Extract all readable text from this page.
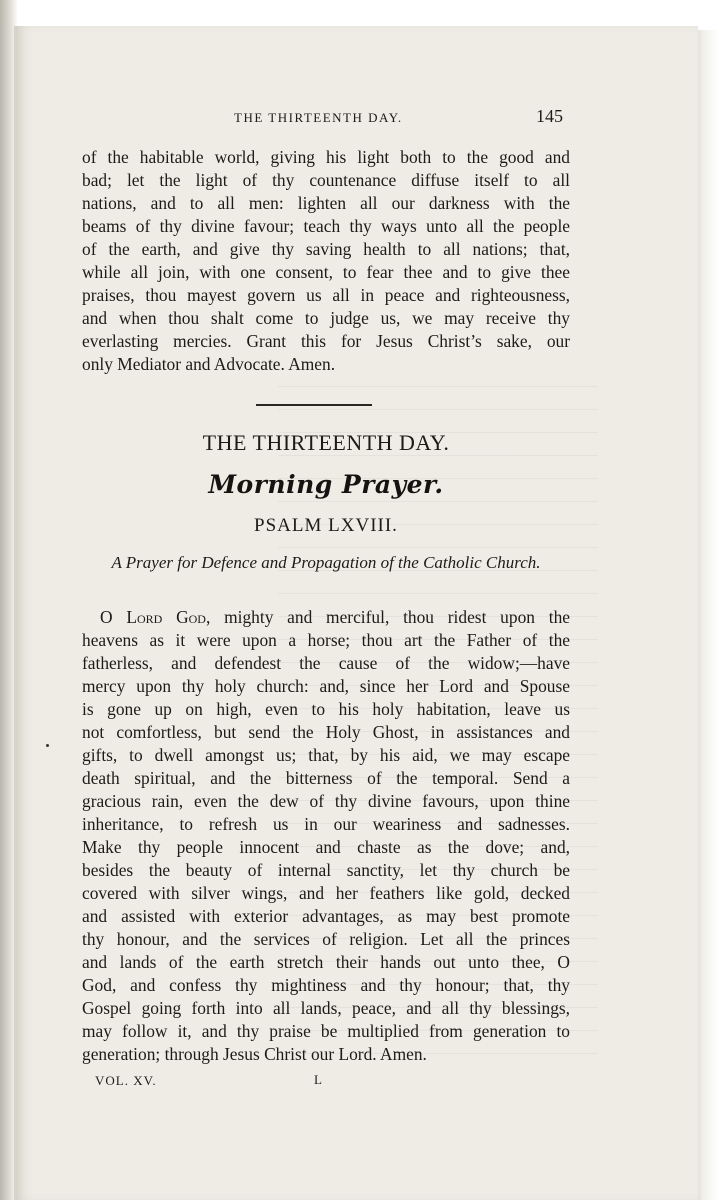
THE THIRTEENTH DAY.	145
of the habitable world, giving his light both to the good and
bad; let the light of thy countenance diffuse itself to all
nations, and to all men: lighten all our darkness with the
beams of thy divine favour; teach thy ways unto all the people
of the earth, and give thy saving health to all nations; that,
while all join, with one consent, to fear thee and to give thee
praises, thou mayest govern us all in peace and righteousness,
and when thou shalt come to judge us, we may receive thy
everlasting mercies. Grant this for Jesus Christ’s sake, our
only Mediator and Advocate. Amen.
THE THIRTEENTH DAY.
Morning Prayer.
PSALM LXVIII.
A Prayer for Defence and Propagation of the Catholic Church.
O Lord God, mighty and merciful, thou ridest upon the
heavens as it were upon a horse; thou art the Father of the
fatherless, and defendest the cause of the widow;—have
mercy upon thy holy church: and, since her Lord and Spouse
is gone up on high, even to his holy habitation, leave us
not comfortless, but send the Holy Ghost, in assistances and
gifts, to dwell amongst us; that, by his aid, we may escape
death spiritual, and the bitterness of the temporal. Send a
gracious rain, even the dew of thy divine favours, upon thine
inheritance, to refresh us in our weariness and sadnesses.
Make thy people innocent and chaste as the dove; and,
besides the beauty of internal sanctity, let thy church be
covered with silver wings, and her feathers like gold, decked
and assisted with exterior advantages, as may best promote
thy honour, and the services of religion. Let all the princes
and lands of the earth stretch their hands out unto thee, O
God, and confess thy mightiness and thy honour; that, thy
Gospel going forth into all lands, peace, and all thy blessings,
may follow it, and thy praise be multiplied from generation to
generation; through Jesus Christ our Lord. Amen.
VOL. XV.	L
